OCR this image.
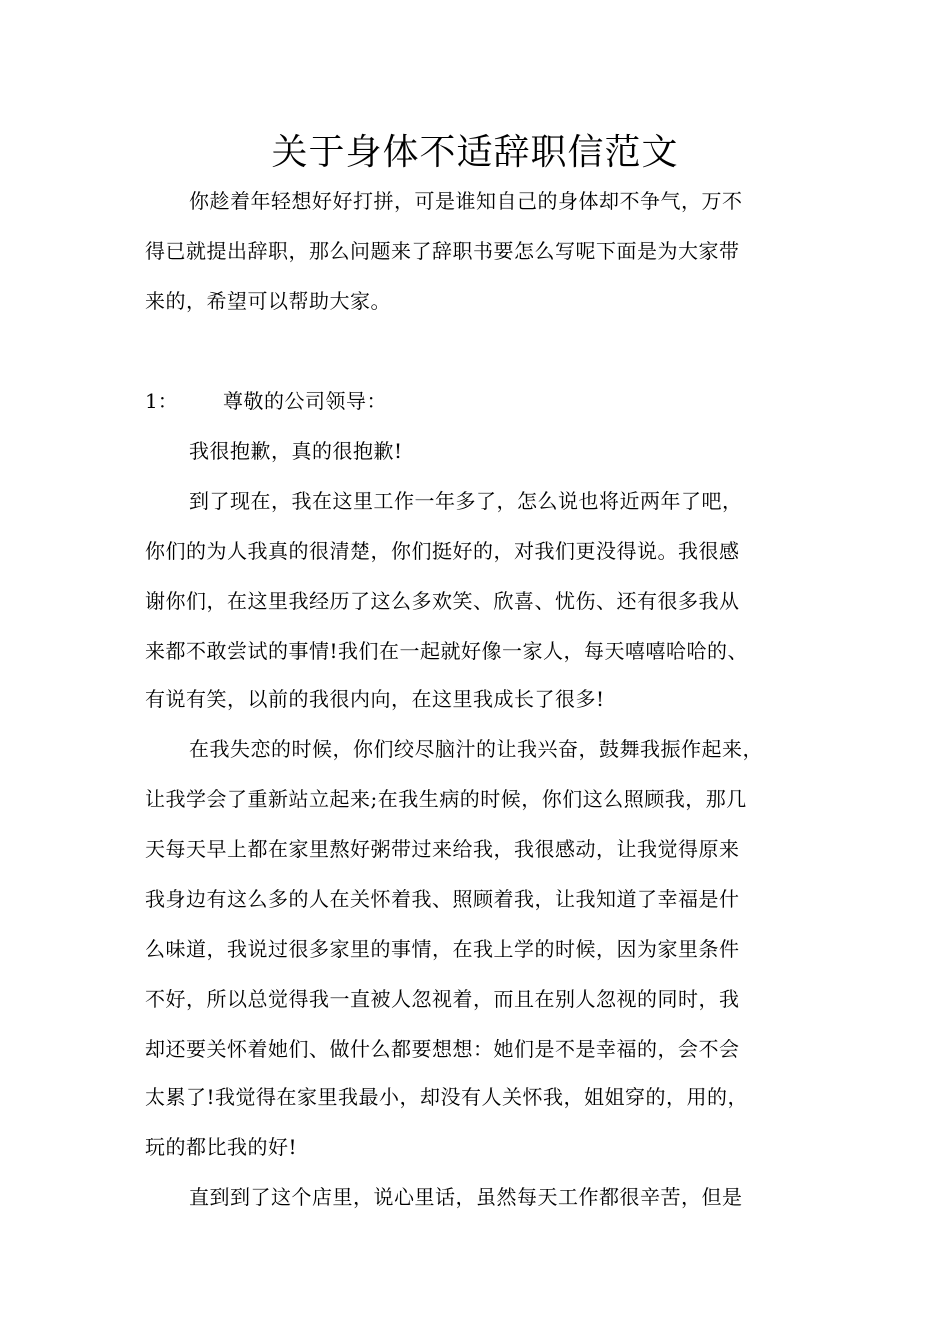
关于身体不适辞职信范文
你趁着年轻想好好打拼，可是谁知自己的身体却不争气，万不
得已就提出辞职，那么问题来了辞职书要怎么写呢下面是为大家带
来的，希望可以帮助大家。
1： 尊敬的公司领导：
我很抱歉，真的很抱歉!
到了现在，我在这里工作一年多了，怎么说也将近两年了吧，
你们的为人我真的很清楚，你们挺好的，对我们更没得说。我很感
谢你们，在这里我经历了这么多欢笑、欣喜、忧伤、还有很多我从
来都不敢尝试的事情!我们在一起就好像一家人，每天嘻嘻哈哈的、
有说有笑，以前的我很内向，在这里我成长了很多!
在我失恋的时候，你们绞尽脑汁的让我兴奋，鼓舞我振作起来，
让我学会了重新站立起来;在我生病的时候，你们这么照顾我，那几
天每天早上都在家里熬好粥带过来给我，我很感动，让我觉得原来
我身边有这么多的人在关怀着我、照顾着我，让我知道了幸福是什
么味道，我说过很多家里的事情，在我上学的时候，因为家里条件
不好，所以总觉得我一直被人忽视着，而且在别人忽视的同时，我
却还要关怀着她们、做什么都要想想：她们是不是幸福的，会不会
太累了!我觉得在家里我最小，却没有人关怀我，姐姐穿的，用的，
玩的都比我的好!
直到到了这个店里，说心里话，虽然每天工作都很辛苦，但是
